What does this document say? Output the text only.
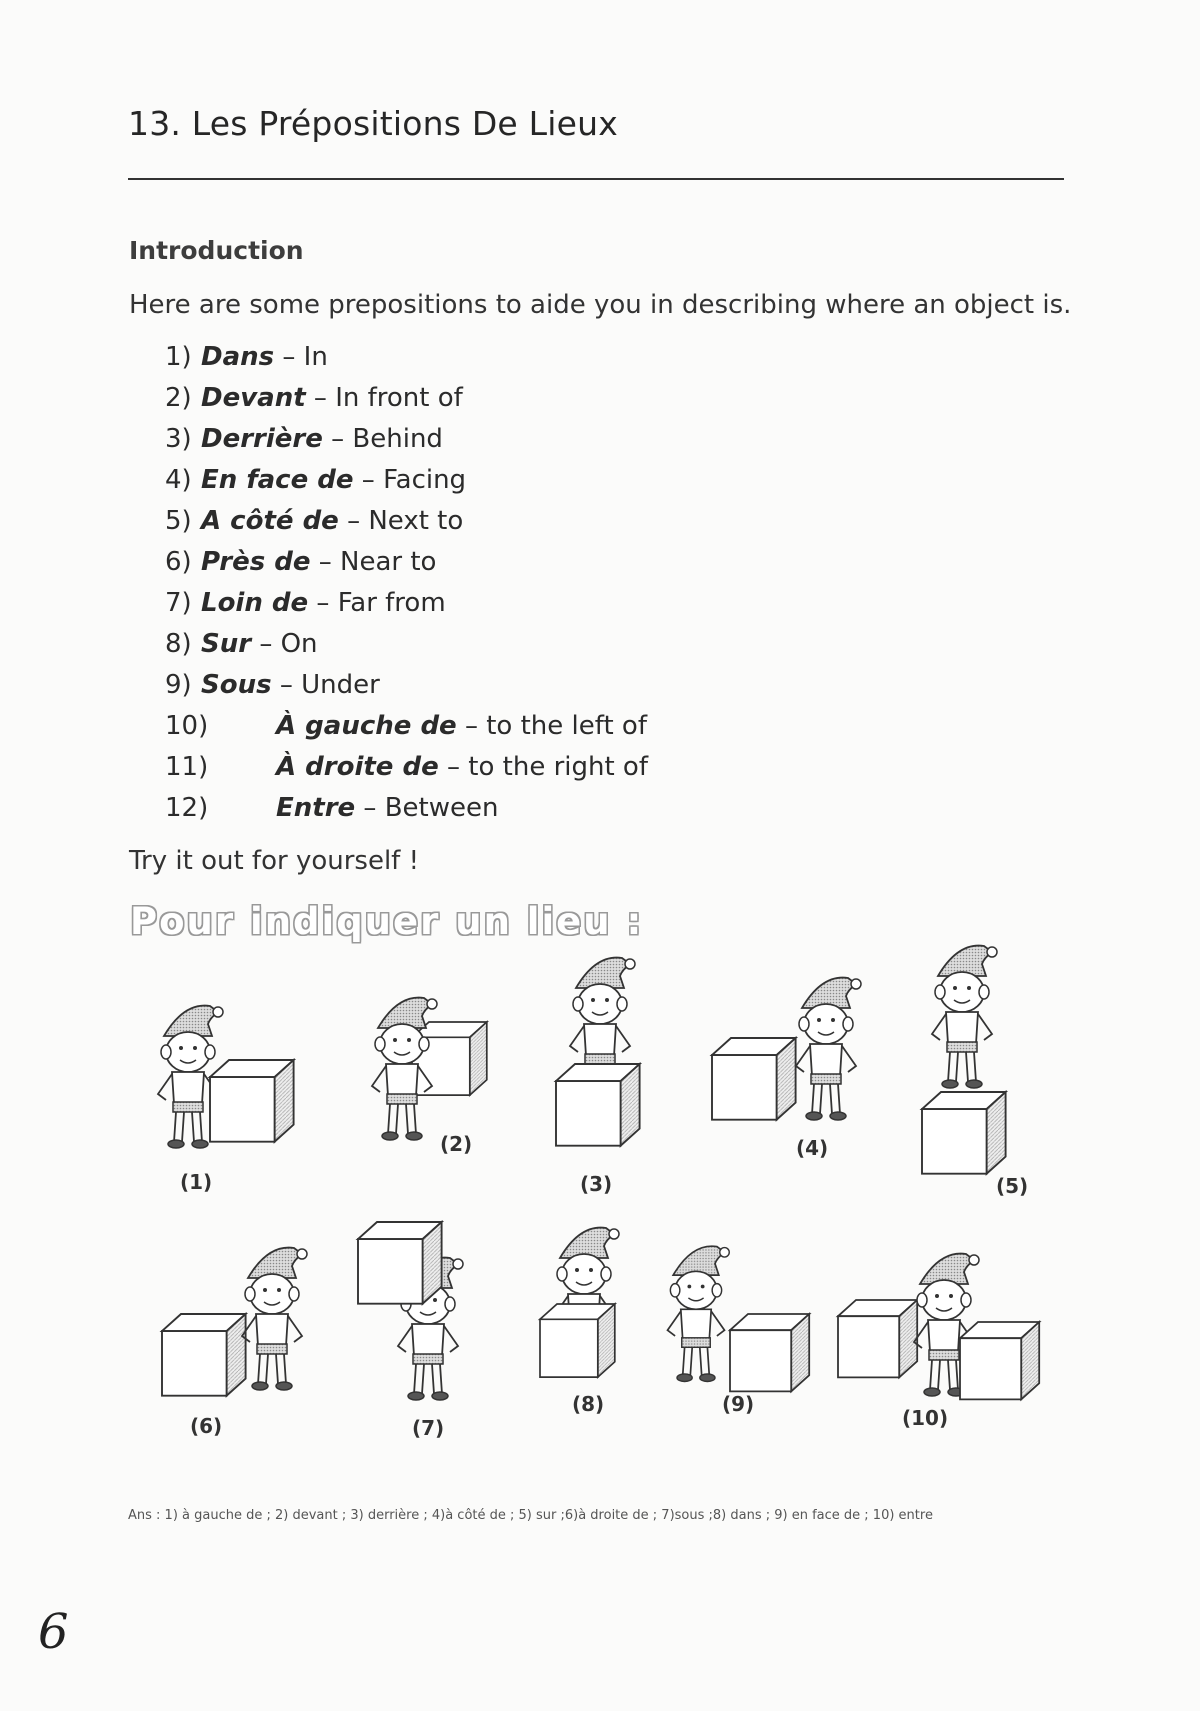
13. Les Prépositions De Lieux
Introduction
Here are some prepositions to aide you in describing where an object is.
1) Dans – In
2) Devant – In front of
3) Derrière – Behind
4) En face de – Facing
5) A côté de – Next to
6) Près de – Near to
7) Loin de – Far from
8) Sur – On
9) Sous – Under
10)	À gauche de – to the left of
11)	À droite de – to the right of
12)	Entre – Between
Try it out for yourself !
Pour indiquer un lieu :
(1)
(2)
(3)
(4)
(5)
(6)	(7)
(8)	(9)
(10)
Ans : 1) à gauche de ; 2) devant ; 3) derrière ; 4)à côté de ; 5) sur ;6)à droite de ; 7)sous ;8) dans ; 9) en face de ; 10) entre
6
